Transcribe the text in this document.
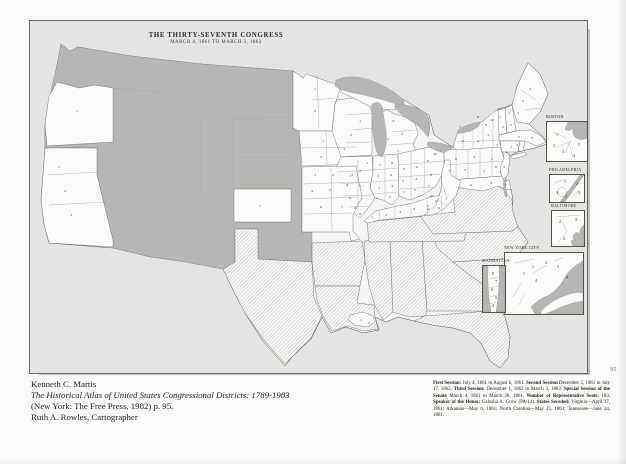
1
1
2
3
1
1
2
1
2
1
2
3	1
2
3
4
1
2
3
4	5
6	7
1
2
3
4	5
6	7
8
9
1	2
3	4
5	6
7	8
1	2
3	4
5	6
7
8
9
10
1	2
3
4
5
6	7
10
11
12
6	4	1
5
1
2
3
4
5
6
7
8
1
2
3
4
5
6
7	8
9
10
1 4
2	8
1
2
1
2
1
3
5
1
2
THE THIRTY-SEVENTH CONGRESS
MARCH 4, 1861 TO MARCH 3, 1863
BOSTON
1
2
3
4
5
PHILADELPHIA
1	2
3
4
5
BALTIMORE
2	3
4
NEW YORK CITY
1
2
3
4
5
8
MANHATTAN
4
5
6
7
8
Kenneth C. Martis
The Historical Atlas of United States Congressional Districts: 1789-1983
(New York: The Free Press, 1982) p. 95.
Ruth A. Rowles, Cartographer
First Session: July 4, 1861 to August 6, 1861. Second Session December 2, 1861 to July 17, 1862. Third Session: December 1, 1862 to March 3, 1863. Special Session of the Senate March 4, 1861 to March 28, 1861. Number of Representative Seats: 183. Speaker of the House: Galusha A. Grow (PA-14). States Seceded: Virginia—April 17, 1861; Arkansas—May 6, 1861; North Carolina—May 21, 1861; Tennessee—June 24, 1861.
95
